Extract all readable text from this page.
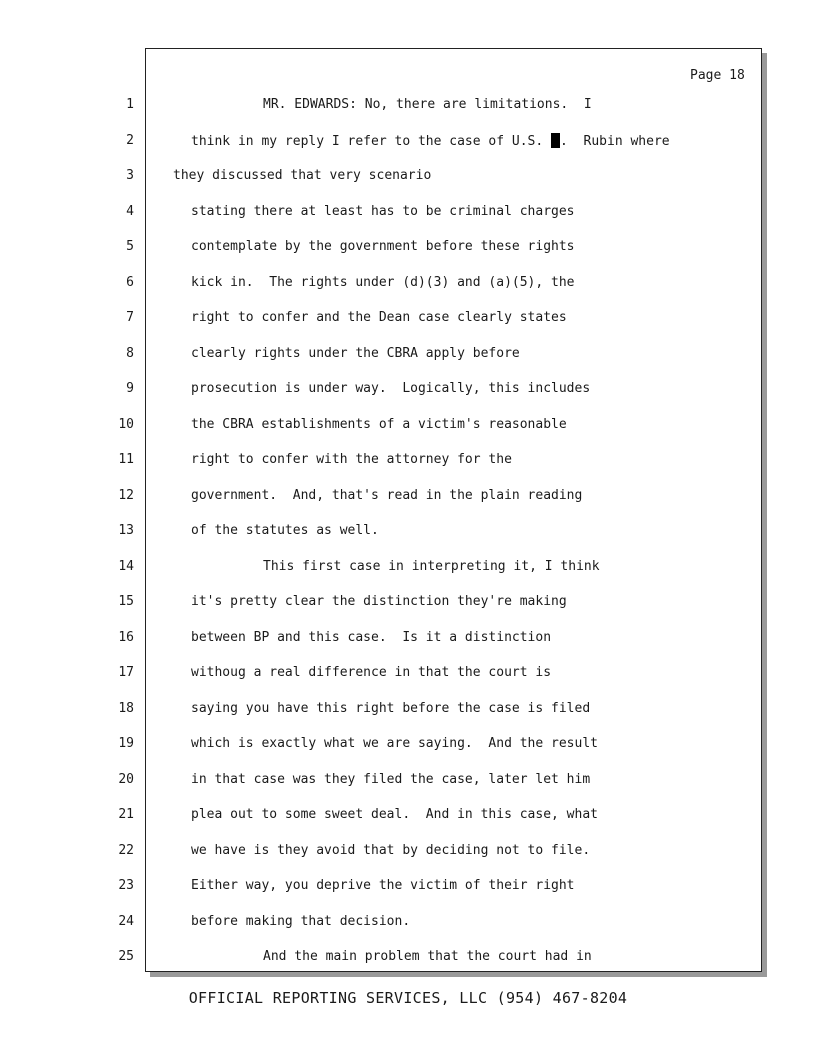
Page 18
1
2
3
4
5
6
7
8
9
10
11
12
13
14
15
16
17
18
19
20
21
22
23
24
25
MR. EDWARDS: No, there are limitations.  I
think in my reply I refer to the case of U.S. .  Rubin where
they discussed that very scenario
stating there at least has to be criminal charges
contemplate by the government before these rights
kick in.  The rights under (d)(3) and (a)(5), the
right to confer and the Dean case clearly states
clearly rights under the CBRA apply before
prosecution is under way.  Logically, this includes
the CBRA establishments of a victim's reasonable
right to confer with the attorney for the
government.  And, that's read in the plain reading
of the statutes as well.
This first case in interpreting it, I think
it's pretty clear the distinction they're making
between BP and this case.  Is it a distinction
withoug a real difference in that the court is
saying you have this right before the case is filed
which is exactly what we are saying.  And the result
in that case was they filed the case, later let him
plea out to some sweet deal.  And in this case, what
we have is they avoid that by deciding not to file.
Either way, you deprive the victim of their right
before making that decision.
And the main problem that the court had in
OFFICIAL REPORTING SERVICES, LLC (954) 467-8204
